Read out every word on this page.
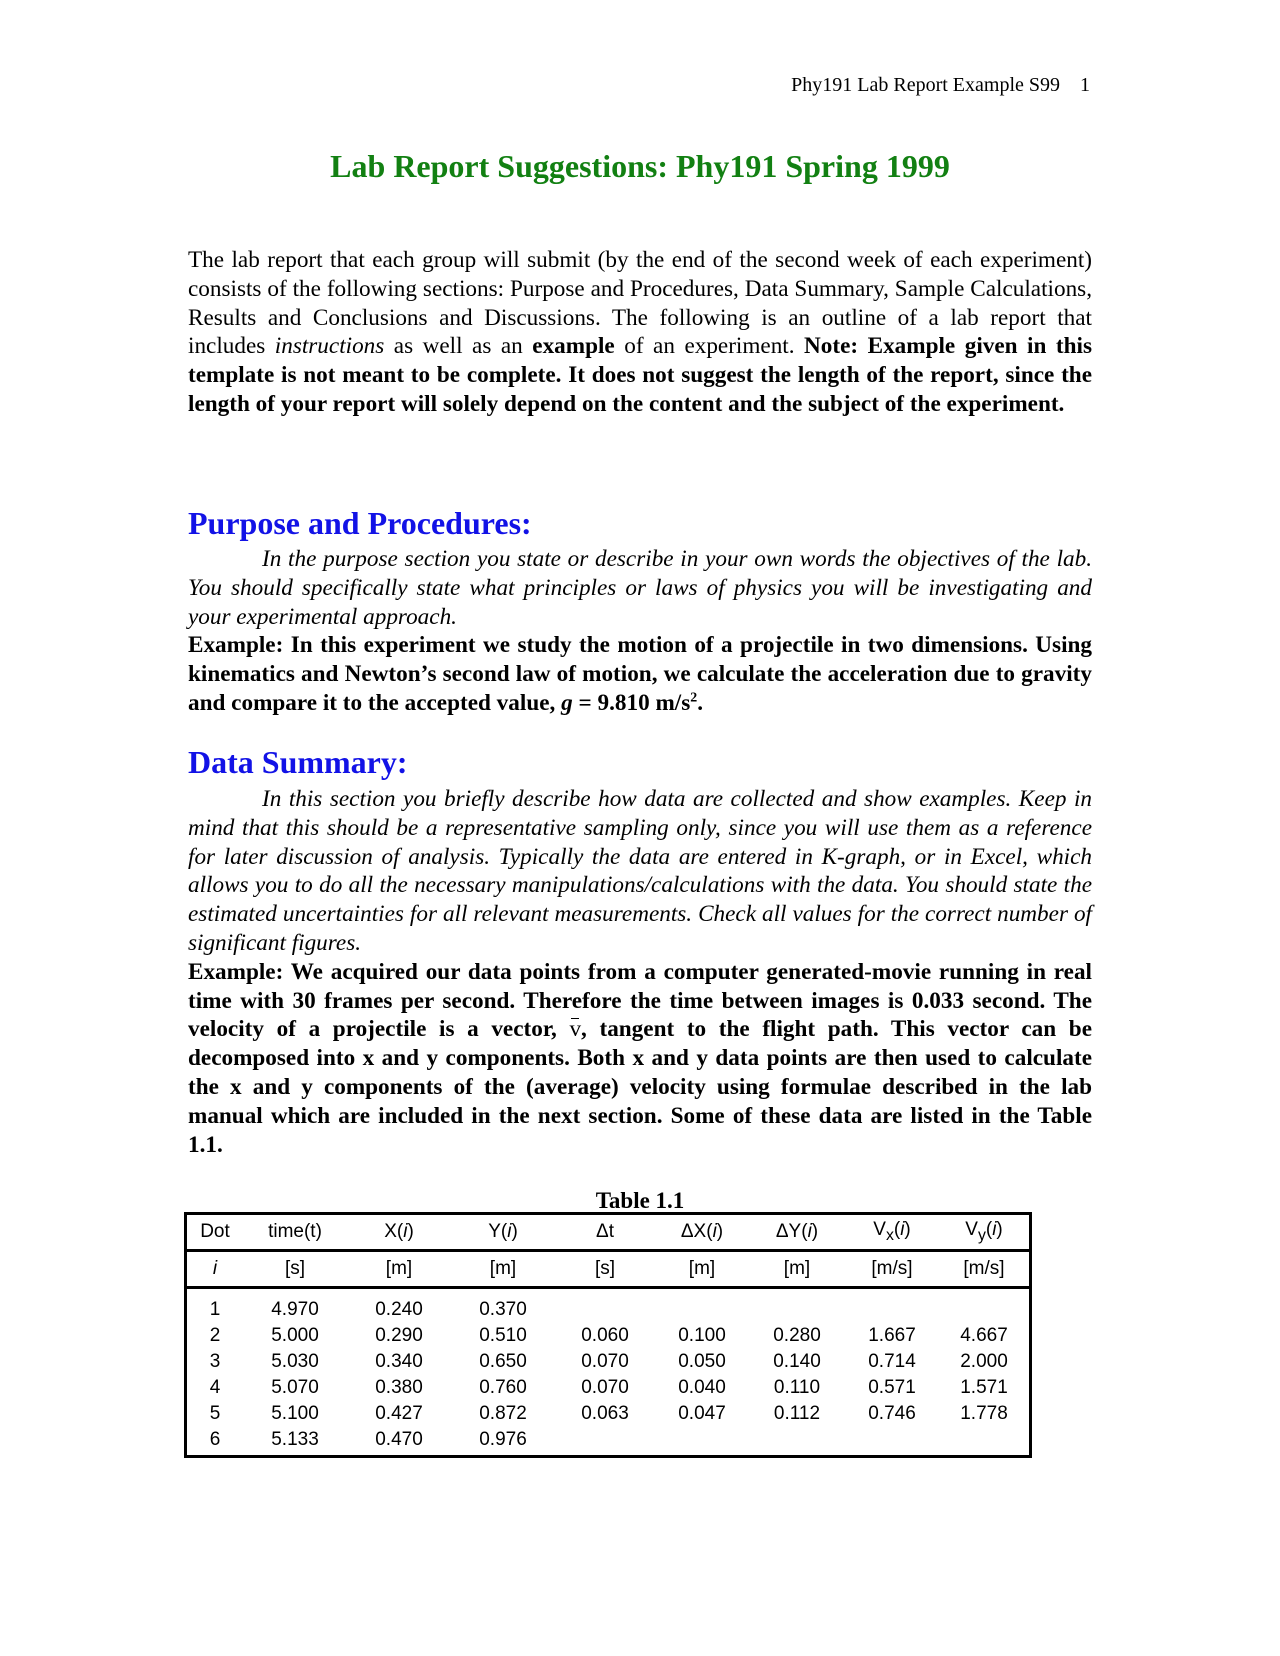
Phy191 Lab Report Example S99 1
Lab Report Suggestions: Phy191 Spring 1999

The lab report that each group will submit (by the end of the second week of each experiment) consists of the following sections: Purpose and Procedures, Data Summary, Sample Calculations, Results and Conclusions and Discussions. The following is an outline of a lab report that includes instructions as well as an example of an experiment. Note: Example given in this template is not meant to be complete. It does not suggest the length of the report, since the length of your report will solely depend on the content and the subject of the experiment.

Purpose and Procedures:

In the purpose section you state or describe in your own words the objectives of the lab. You should specifically state what principles or laws of physics you will be investigating and your experimental approach.

Example: In this experiment we study the motion of a projectile in two dimensions. Using kinematics and Newton’s second law of motion, we calculate the acceleration due to gravity and compare it to the accepted value, g = 9.810 $m/s^2$.

Data Summary:

In this section you briefly describe how data are collected and show examples. Keep in mind that this should be a representative sampling only, since you will use them as a reference for later discussion of analysis. Typically the data are entered in K-graph, or in Excel, which allows you to do all the necessary manipulations/calculations with the data. You should state the estimated uncertainties for all relevant measurements. Check all values for the correct number of significant figures.

Example: We acquired our data points from a computer generated-movie running in real time with 30 frames per second. Therefore the time between images is 0.033 second. The velocity of a projectile is a vector, v, tangent to the flight path. This vector can be decomposed into x and y components. Both x and y data points are then used to calculate the x and y components of the (average) velocity using formulae described in the lab manual which are included in the next section. Some of these data are listed in the Table 1.1.

Table 1.1

Dot	time(t)	X(i)	Y(i)	Δt	ΔX(i)	ΔY(i)	$V_x(i)$	$V_y(i)$
i	[s]	[m]	[m]	[s]	[m]	[m]	[m/s]	[m/s]

1	4.970	0.240	0.370					
2	5.000	0.290	0.510	0.060	0.100	0.280	1.667	4.667
3	5.030	0.340	0.650	0.070	0.050	0.140	0.714	2.000
4	5.070	0.380	0.760	0.070	0.040	0.110	0.571	1.571
5	5.100	0.427	0.872	0.063	0.047	0.112	0.746	1.778
6	5.133	0.470	0.976					
